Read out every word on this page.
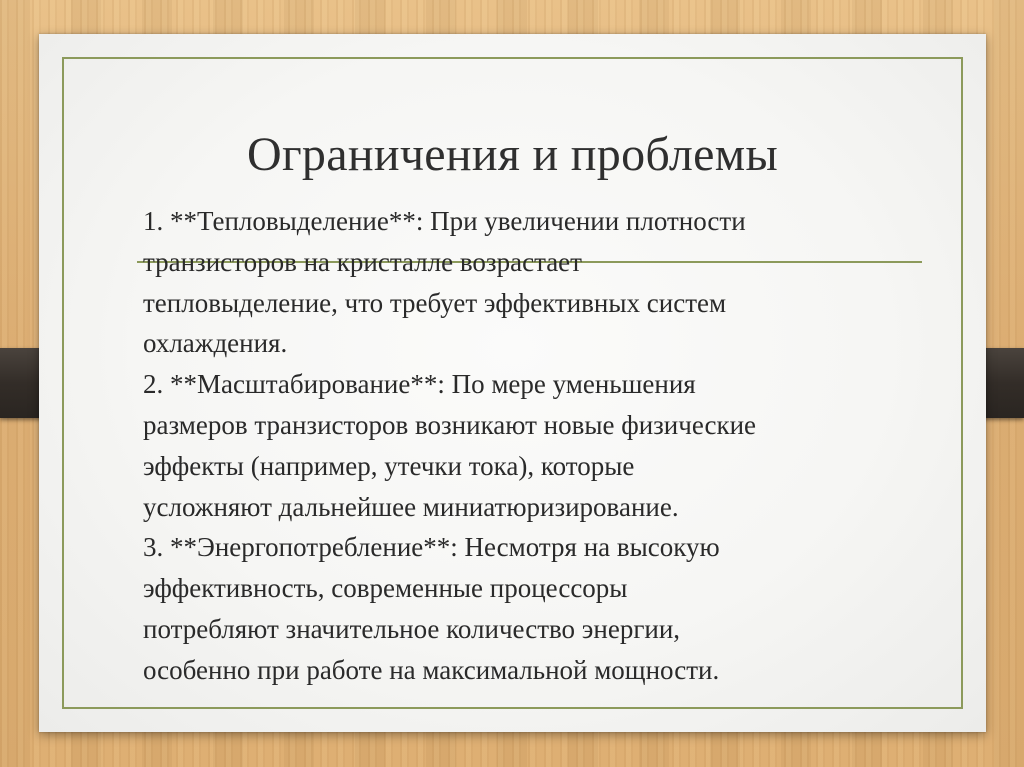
Ограничения и проблемы
1. **Тепловыделение**: При увеличении плотности
транзисторов на кристалле возрастает
тепловыделение, что требует эффективных систем
охлаждения.
2. **Масштабирование**: По мере уменьшения
размеров транзисторов возникают новые физические
эффекты (например, утечки тока), которые
усложняют дальнейшее миниатюризирование.
3. **Энергопотребление**: Несмотря на высокую
эффективность, современные процессоры
потребляют значительное количество энергии,
особенно при работе на максимальной мощности.
